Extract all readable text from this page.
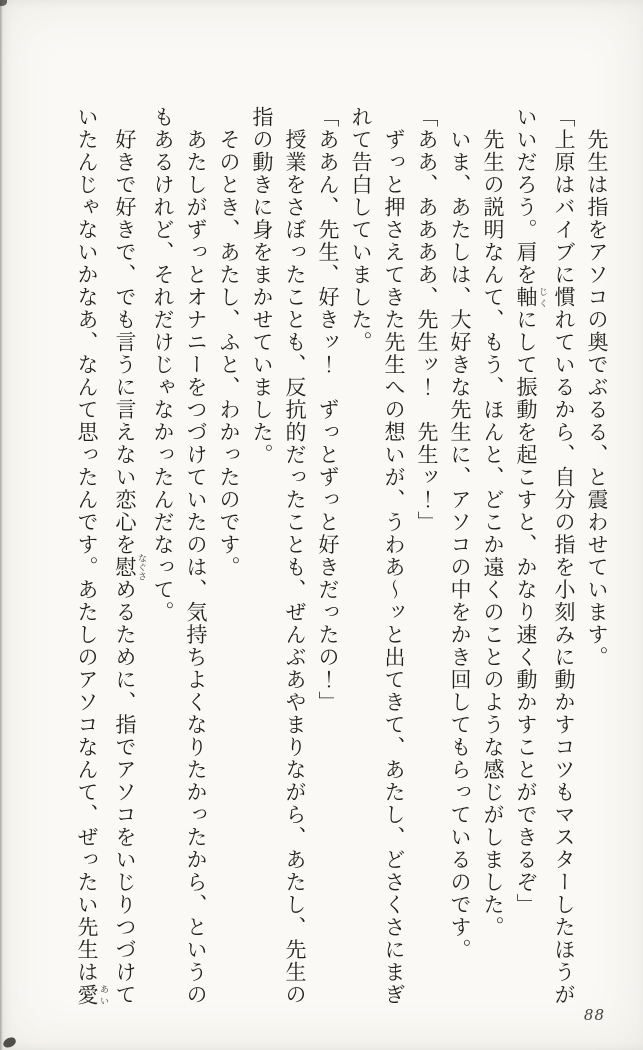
　先生は指をアソコの奥でぶるる、と震わせています。
「上原はバイブに慣れているから、自分の指を小刻みに動かすコツもマスターしたほうが
いいだろう。肩を軸 じくにして振動を起こすと、かなり速く動かすことができるぞ」
　先生の説明なんて、もう、ほんと、どこか遠くのことのような感じがしました。
　いま、あたしは、大好きな先生に、アソコの中をかき回してもらっているのです。
「ああ、ああああ、先生ッ！　先生ッ！」
　ずっと押さえてきた先生への想いが、うわあ〜ッと出てきて、あたし、どさくさにまぎ
れて告白していました。
「ああん、先生、好きッ！　ずっとずっと好きだったの！」
　授業をさぼったことも、反抗的だったことも、ぜんぶあやまりながら、あたし、先生の
指の動きに身をまかせていました。
　そのとき、あたし、ふと、わかったのです。
　あたしがずっとオナニーをつづけていたのは、気持ちよくなりたかったから、というの
もあるけれど、それだけじゃなかったんだなって。
　好きで好きで、でも言うに言えない恋心を慰 なぐさめるために、指でアソコをいじりつづけて
いたんじゃないかなあ、なんて思ったんです。あたしのアソコなんて、ぜったい先生は愛 あい
88
